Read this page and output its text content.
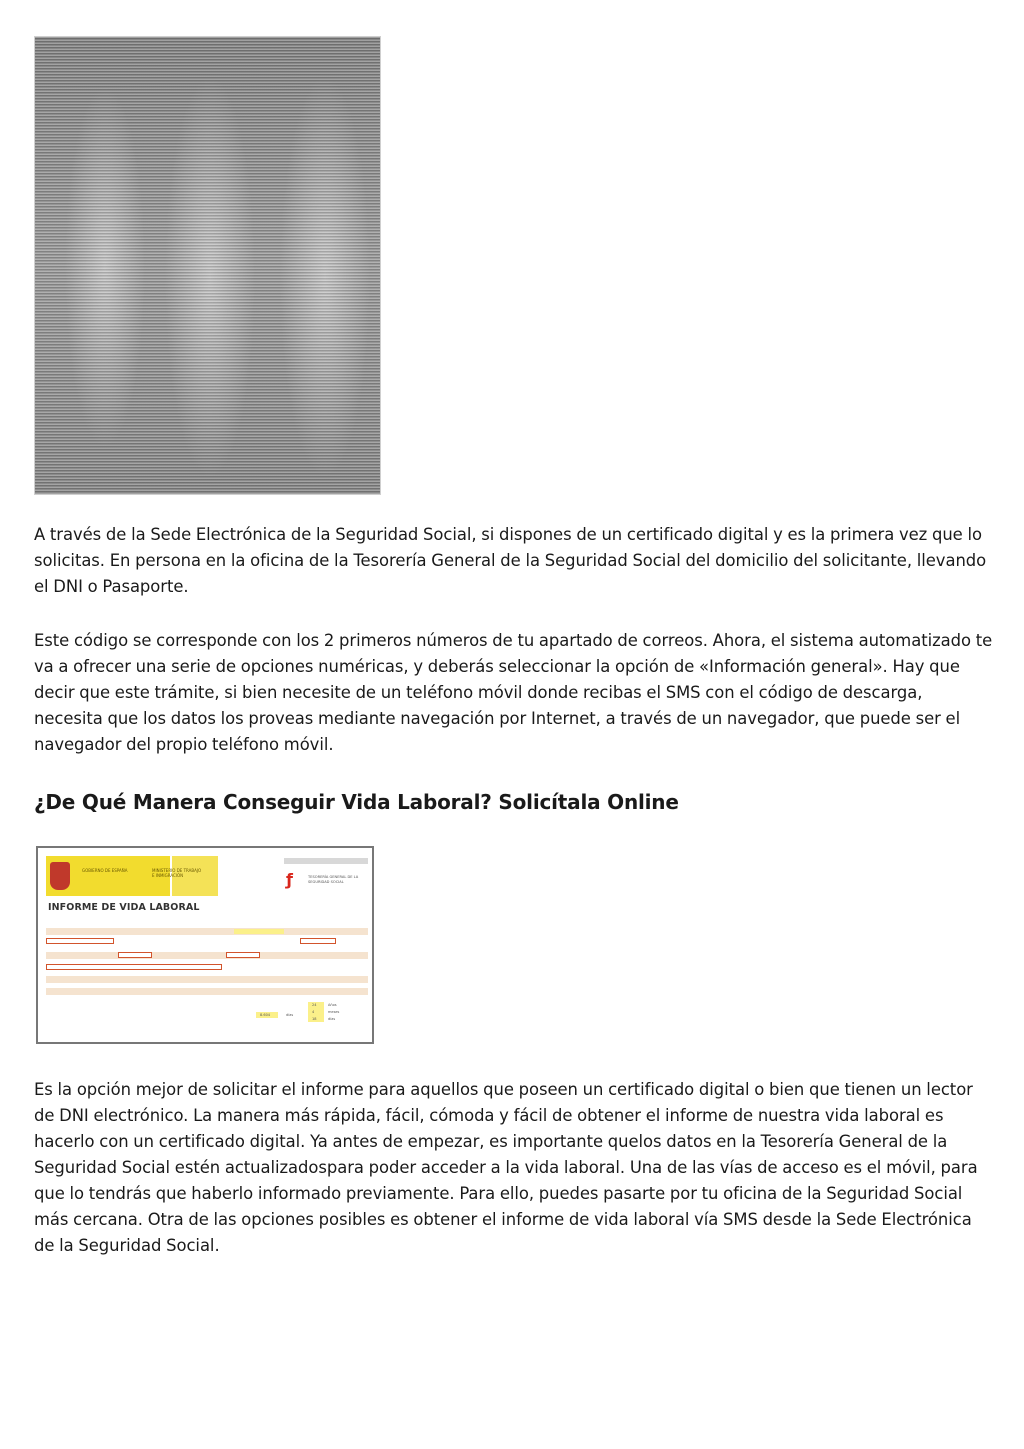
A través de la Sede Electrónica de la Seguridad Social, si dispones de un certificado digital y es la primera vez que lo solicitas. En persona en la oficina de la Tesorería General de la Seguridad Social del domicilio del solicitante, llevando el DNI o Pasaporte.

Este código se corresponde con los 2 primeros números de tu apartado de correos. Ahora, el sistema automatizado te va a ofrecer una serie de opciones numéricas, y deberás seleccionar la opción de «Información general». Hay que decir que este trámite, si bien necesite de un teléfono móvil donde recibas el SMS con el código de descarga, necesita que los datos los proveas mediante navegación por Internet, a través de un navegador, que puede ser el navegador del propio teléfono móvil.

¿De Qué Manera Conseguir Vida Laboral? Solicítala Online
GOBIERNO DE ESPAÑA	MINISTERIO DE TRABAJO E INMIGRACIÓN	ƒ	TESORERÍA GENERAL DE LA SEGURIDAD SOCIAL
INFORME DE VIDA LABORAL
8.604	días
24	Años
4	meses
18	días

Es la opción mejor de solicitar el informe para aquellos que poseen un certificado digital o bien que tienen un lector de DNI electrónico. La manera más rápida, fácil, cómoda y fácil de obtener el informe de nuestra vida laboral es hacerlo con un certificado digital. Ya antes de empezar, es importante quelos datos en la Tesorería General de la Seguridad Social estén actualizadospara poder acceder a la vida laboral. Una de las vías de acceso es el móvil, para que lo tendrás que haberlo informado previamente. Para ello, puedes pasarte por tu oficina de la Seguridad Social más cercana. Otra de las opciones posibles es obtener el informe de vida laboral vía SMS desde la Sede Electrónica de la Seguridad Social.
